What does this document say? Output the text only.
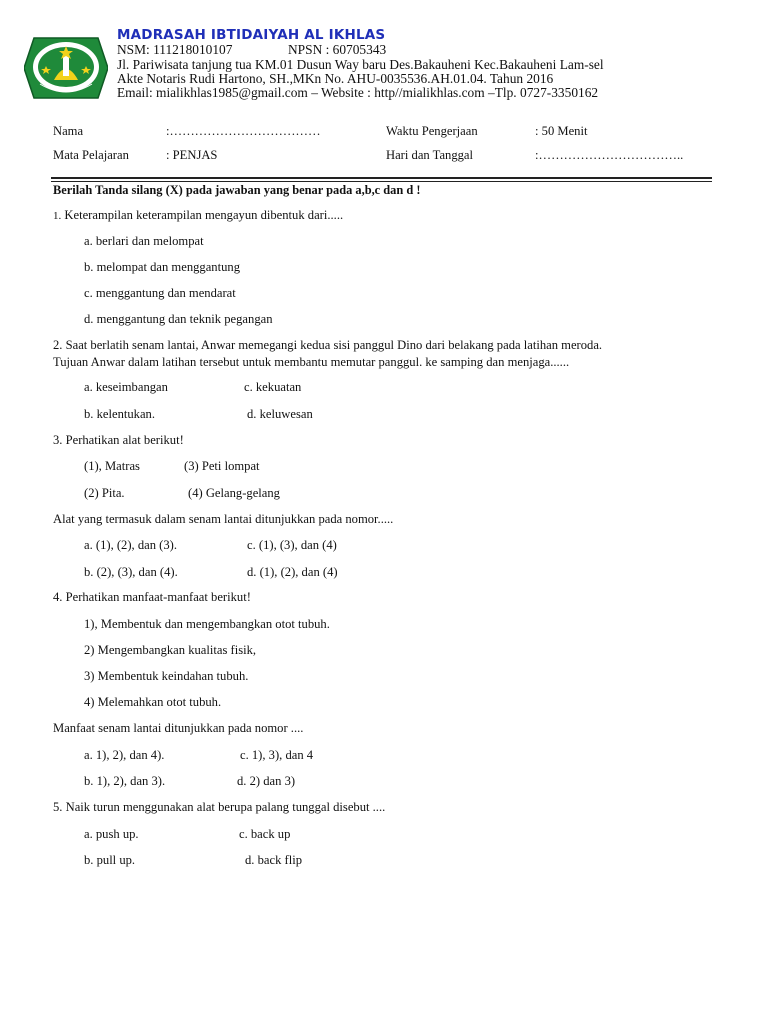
MADRASAH IBTIDAIYAH AL IKHLAS
NSM: 111218010107	NPSN : 60705343
Jl. Pariwisata tanjung tua KM.01 Dusun Way baru Des.Bakauheni Kec.Bakauheni Lam-sel
Akte Notaris Rudi Hartono, SH.,MKn No. AHU-0035536.AH.01.04. Tahun 2016
Email: mialikhlas1985@gmail.com – Website : http//mialikhlas.com –Tlp. 0727-3350162
Nama	:………………………………	Waktu Pengerjaan	: 50 Menit
Mata Pelajaran	: PENJAS	Hari dan Tanggal	:……………………………..
Berilah Tanda silang (X) pada jawaban yang benar pada a,b,c dan d !
1. Keterampilan keterampilan mengayun dibentuk dari.....
a. berlari dan melompat
b. melompat dan menggantung
c. menggantung dan mendarat
d. menggantung dan teknik pegangan
2. Saat berlatih senam lantai, Anwar memegangi kedua sisi panggul Dino dari belakang pada latihan meroda.
Tujuan Anwar dalam latihan tersebut untuk membantu memutar panggul. ke samping dan menjaga......
a. keseimbangan	c. kekuatan
b. kelentukan.	d. keluwesan
3. Perhatikan alat berikut!
(1), Matras	(3) Peti lompat
(2) Pita.	(4) Gelang-gelang
Alat yang termasuk dalam senam lantai ditunjukkan pada nomor.....
a. (1), (2), dan (3).	c. (1), (3), dan (4)
b. (2), (3), dan (4).	d. (1), (2), dan (4)
4. Perhatikan manfaat-manfaat berikut!
1), Membentuk dan mengembangkan otot tubuh.
2) Mengembangkan kualitas fisik,
3) Membentuk keindahan tubuh.
4) Melemahkan otot tubuh.
Manfaat senam lantai ditunjukkan pada nomor ....
a. 1), 2), dan 4).	c. 1), 3), dan 4
b. 1), 2), dan 3).	d. 2) dan 3)
5. Naik turun menggunakan alat berupa palang tunggal disebut ....
a. push up.	c. back up
b. pull up.	d. back flip
